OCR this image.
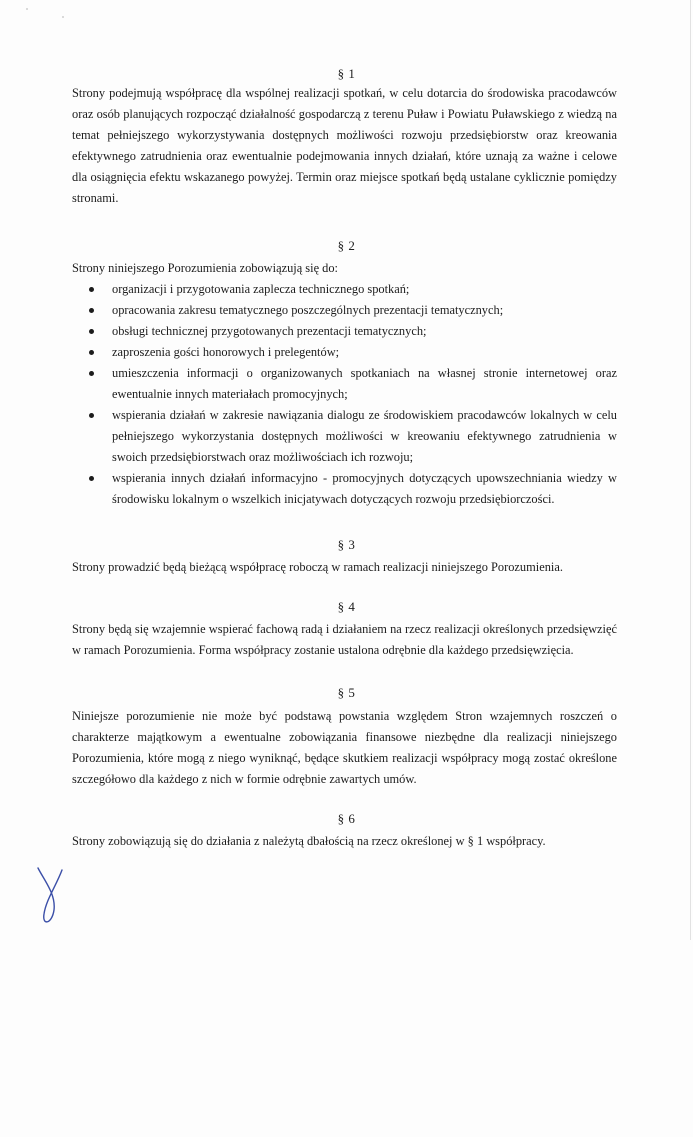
§ 1

Strony podejmują współpracę dla wspólnej realizacji spotkań, w celu dotarcia do środowiska pracodawców oraz osób planujących rozpocząć działalność gospodarczą z terenu Puław i Powiatu Puławskiego z wiedzą na temat pełniejszego wykorzystywania dostępnych możliwości rozwoju przedsiębiorstw oraz kreowania efektywnego zatrudnienia oraz ewentualnie podejmowania innych działań, które uznają za ważne i celowe dla osiągnięcia efektu wskazanego powyżej. Termin oraz miejsce spotkań będą ustalane cyklicznie pomiędzy stronami.

§ 2

Strony niniejszego Porozumienia zobowiązują się do:

organizacji i przygotowania zaplecza technicznego spotkań;
opracowania zakresu tematycznego poszczególnych prezentacji tematycznych;
obsługi technicznej przygotowanych prezentacji tematycznych;
zaproszenia gości honorowych i prelegentów;
umieszczenia informacji o organizowanych spotkaniach na własnej stronie internetowej oraz ewentualnie innych materiałach promocyjnych;
wspierania działań w zakresie nawiązania dialogu ze środowiskiem pracodawców lokalnych w celu pełniejszego wykorzystania dostępnych możliwości w kreowaniu efektywnego zatrudnienia w swoich przedsiębiorstwach oraz możliwościach ich rozwoju;
wspierania innych działań informacyjno - promocyjnych dotyczących upowszechniania wiedzy w środowisku lokalnym o wszelkich inicjatywach dotyczących rozwoju przedsiębiorczości.
§ 3

Strony prowadzić będą bieżącą współpracę roboczą w ramach realizacji niniejszego Porozumienia.

§ 4

Strony będą się wzajemnie wspierać fachową radą i działaniem na rzecz realizacji określonych przedsięwzięć w ramach Porozumienia. Forma współpracy zostanie ustalona odrębnie dla każdego przedsięwzięcia.

§ 5

Niniejsze porozumienie nie może być podstawą powstania względem Stron wzajemnych roszczeń o charakterze majątkowym a ewentualne zobowiązania finansowe niezbędne dla realizacji niniejszego Porozumienia, które mogą z niego wyniknąć, będące skutkiem realizacji współpracy mogą zostać określone szczegółowo dla każdego z nich w formie odrębnie zawartych umów.

§ 6

Strony zobowiązują się do działania z należytą dbałością na rzecz określonej w § 1 współpracy.
